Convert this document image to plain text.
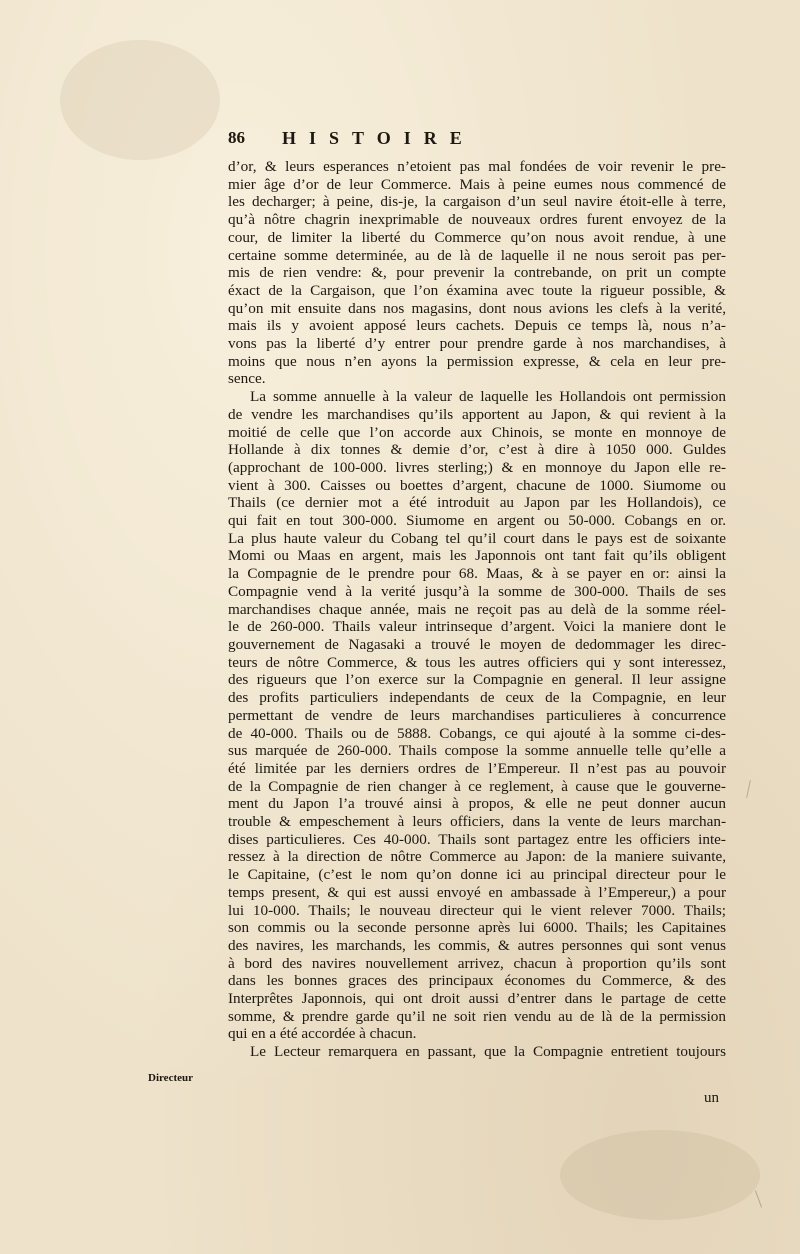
86 HISTOIRE
d’or, & leurs esperances n’etoient pas mal fondées de voir revenir le pre-
mier âge d’or de leur Commerce. Mais à peine eumes nous commencé de
les decharger; à peine, dis-je, la cargaison d’un seul navire étoit-elle à terre,
qu’à nôtre chagrin inexprimable de nouveaux ordres furent envoyez de la
cour, de limiter la liberté du Commerce qu’on nous avoit rendue, à une
certaine somme determinée, au de là de laquelle il ne nous seroit pas per-
mis de rien vendre: &, pour prevenir la contrebande, on prit un compte
éxact de la Cargaison, que l’on éxamina avec toute la rigueur possible, &
qu’on mit ensuite dans nos magasins, dont nous avions les clefs à la verité,
mais ils y avoient apposé leurs cachets. Depuis ce temps là, nous n’a-
vons pas la liberté d’y entrer pour prendre garde à nos marchandises, à
moins que nous n’en ayons la permission expresse, & cela en leur pre-
sence.
La somme annuelle à la valeur de laquelle les Hollandois ont permission
de vendre les marchandises qu’ils apportent au Japon, & qui revient à la
moitié de celle que l’on accorde aux Chinois, se monte en monnoye de
Hollande à dix tonnes & demie d’or, c’est à dire à 1050 000. Guldes
(approchant de 100-000. livres sterling;) & en monnoye du Japon elle re-
vient à 300. Caisses ou boettes d’argent, chacune de 1000. Siumome ou
Thails (ce dernier mot a été introduit au Japon par les Hollandois), ce
qui fait en tout 300-000. Siumome en argent ou 50-000. Cobangs en or.
La plus haute valeur du Cobang tel qu’il court dans le pays est de soixante
Momi ou Maas en argent, mais les Japonnois ont tant fait qu’ils obligent
la Compagnie de le prendre pour 68. Maas, & à se payer en or: ainsi la
Compagnie vend à la verité jusqu’à la somme de 300-000. Thails de ses
marchandises chaque année, mais ne reçoit pas au delà de la somme réel-
le de 260-000. Thails valeur intrinseque d’argent. Voici la maniere dont le
gouvernement de Nagasaki a trouvé le moyen de dedommager les direc-
teurs de nôtre Commerce, & tous les autres officiers qui y sont interessez,
des rigueurs que l’on exerce sur la Compagnie en general. Il leur assigne
des profits particuliers independants de ceux de la Compagnie, en leur
permettant de vendre de leurs marchandises particulieres à concurrence
de 40-000. Thails ou de 5888. Cobangs, ce qui ajouté à la somme ci-des-
sus marquée de 260-000. Thails compose la somme annuelle telle qu’elle a
été limitée par les derniers ordres de l’Empereur. Il n’est pas au pouvoir
de la Compagnie de rien changer à ce reglement, à cause que le gouverne-
ment du Japon l’a trouvé ainsi à propos, & elle ne peut donner aucun
trouble & empeschement à leurs officiers, dans la vente de leurs marchan-
dises particulieres. Ces 40-000. Thails sont partagez entre les officiers inte-
ressez à la direction de nôtre Commerce au Japon: de la maniere suivante,
le Capitaine, (c’est le nom qu’on donne ici au principal directeur pour le
temps present, & qui est aussi envoyé en ambassade à l’Empereur,) a pour
lui 10-000. Thails; le nouveau directeur qui le vient relever 7000. Thails;
son commis ou la seconde personne après lui 6000. Thails; les Capitaines
des navires, les marchands, les commis, & autres personnes qui sont venus
à bord des navires nouvellement arrivez, chacun à proportion qu’ils sont
dans les bonnes graces des principaux économes du Commerce, & des
Interprêtes Japonnois, qui ont droit aussi d’entrer dans le partage de cette
somme, & prendre garde qu’il ne soit rien vendu au de là de la permission
qui en a été accordée à chacun.
Le Lecteur remarquera en passant, que la Compagnie entretient toujours
Directeur
un
